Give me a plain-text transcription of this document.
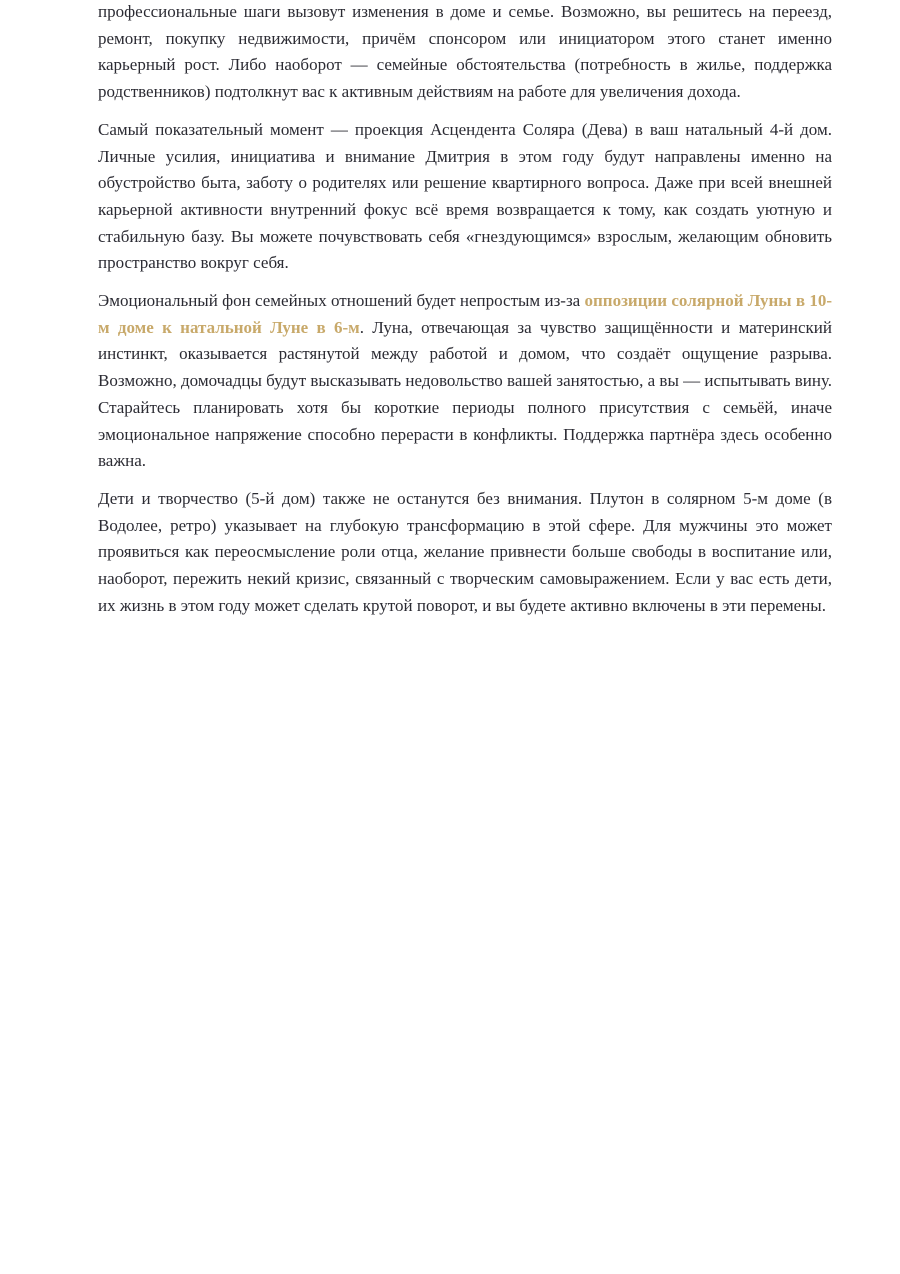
профессиональные шаги вызовут изменения в доме и семье. Возможно, вы решитесь на переезд, ремонт, покупку недвижимости, причём спонсором или инициатором этого станет именно карьерный рост. Либо наоборот — семейные обстоятельства (потребность в жилье, поддержка родственников) подтолкнут вас к активным действиям на работе для увеличения дохода.

Самый показательный момент — проекция Асцендента Соляра (Дева) в ваш натальный 4-й дом. Личные усилия, инициатива и внимание Дмитрия в этом году будут направлены именно на обустройство быта, заботу о родителях или решение квартирного вопроса. Даже при всей внешней карьерной активности внутренний фокус всё время возвращается к тому, как создать уютную и стабильную базу. Вы можете почувствовать себя «гнездующимся» взрослым, желающим обновить пространство вокруг себя.

Эмоциональный фон семейных отношений будет непростым из-за оппозиции солярной Луны в 10-м доме к натальной Луне в 6-м. Луна, отвечающая за чувство защищённости и материнский инстинкт, оказывается растянутой между работой и домом, что создаёт ощущение разрыва. Возможно, домочадцы будут высказывать недовольство вашей занятостью, а вы — испытывать вину. Старайтесь планировать хотя бы короткие периоды полного присутствия с семьёй, иначе эмоциональное напряжение способно перерасти в конфликты. Поддержка партнёра здесь особенно важна.

Дети и творчество (5-й дом) также не останутся без внимания. Плутон в солярном 5-м доме (в Водолее, ретро) указывает на глубокую трансформацию в этой сфере. Для мужчины это может проявиться как переосмысление роли отца, желание привнести больше свободы в воспитание или, наоборот, пережить некий кризис, связанный с творческим самовыражением. Если у вас есть дети, их жизнь в этом году может сделать крутой поворот, и вы будете активно включены в эти перемены.
